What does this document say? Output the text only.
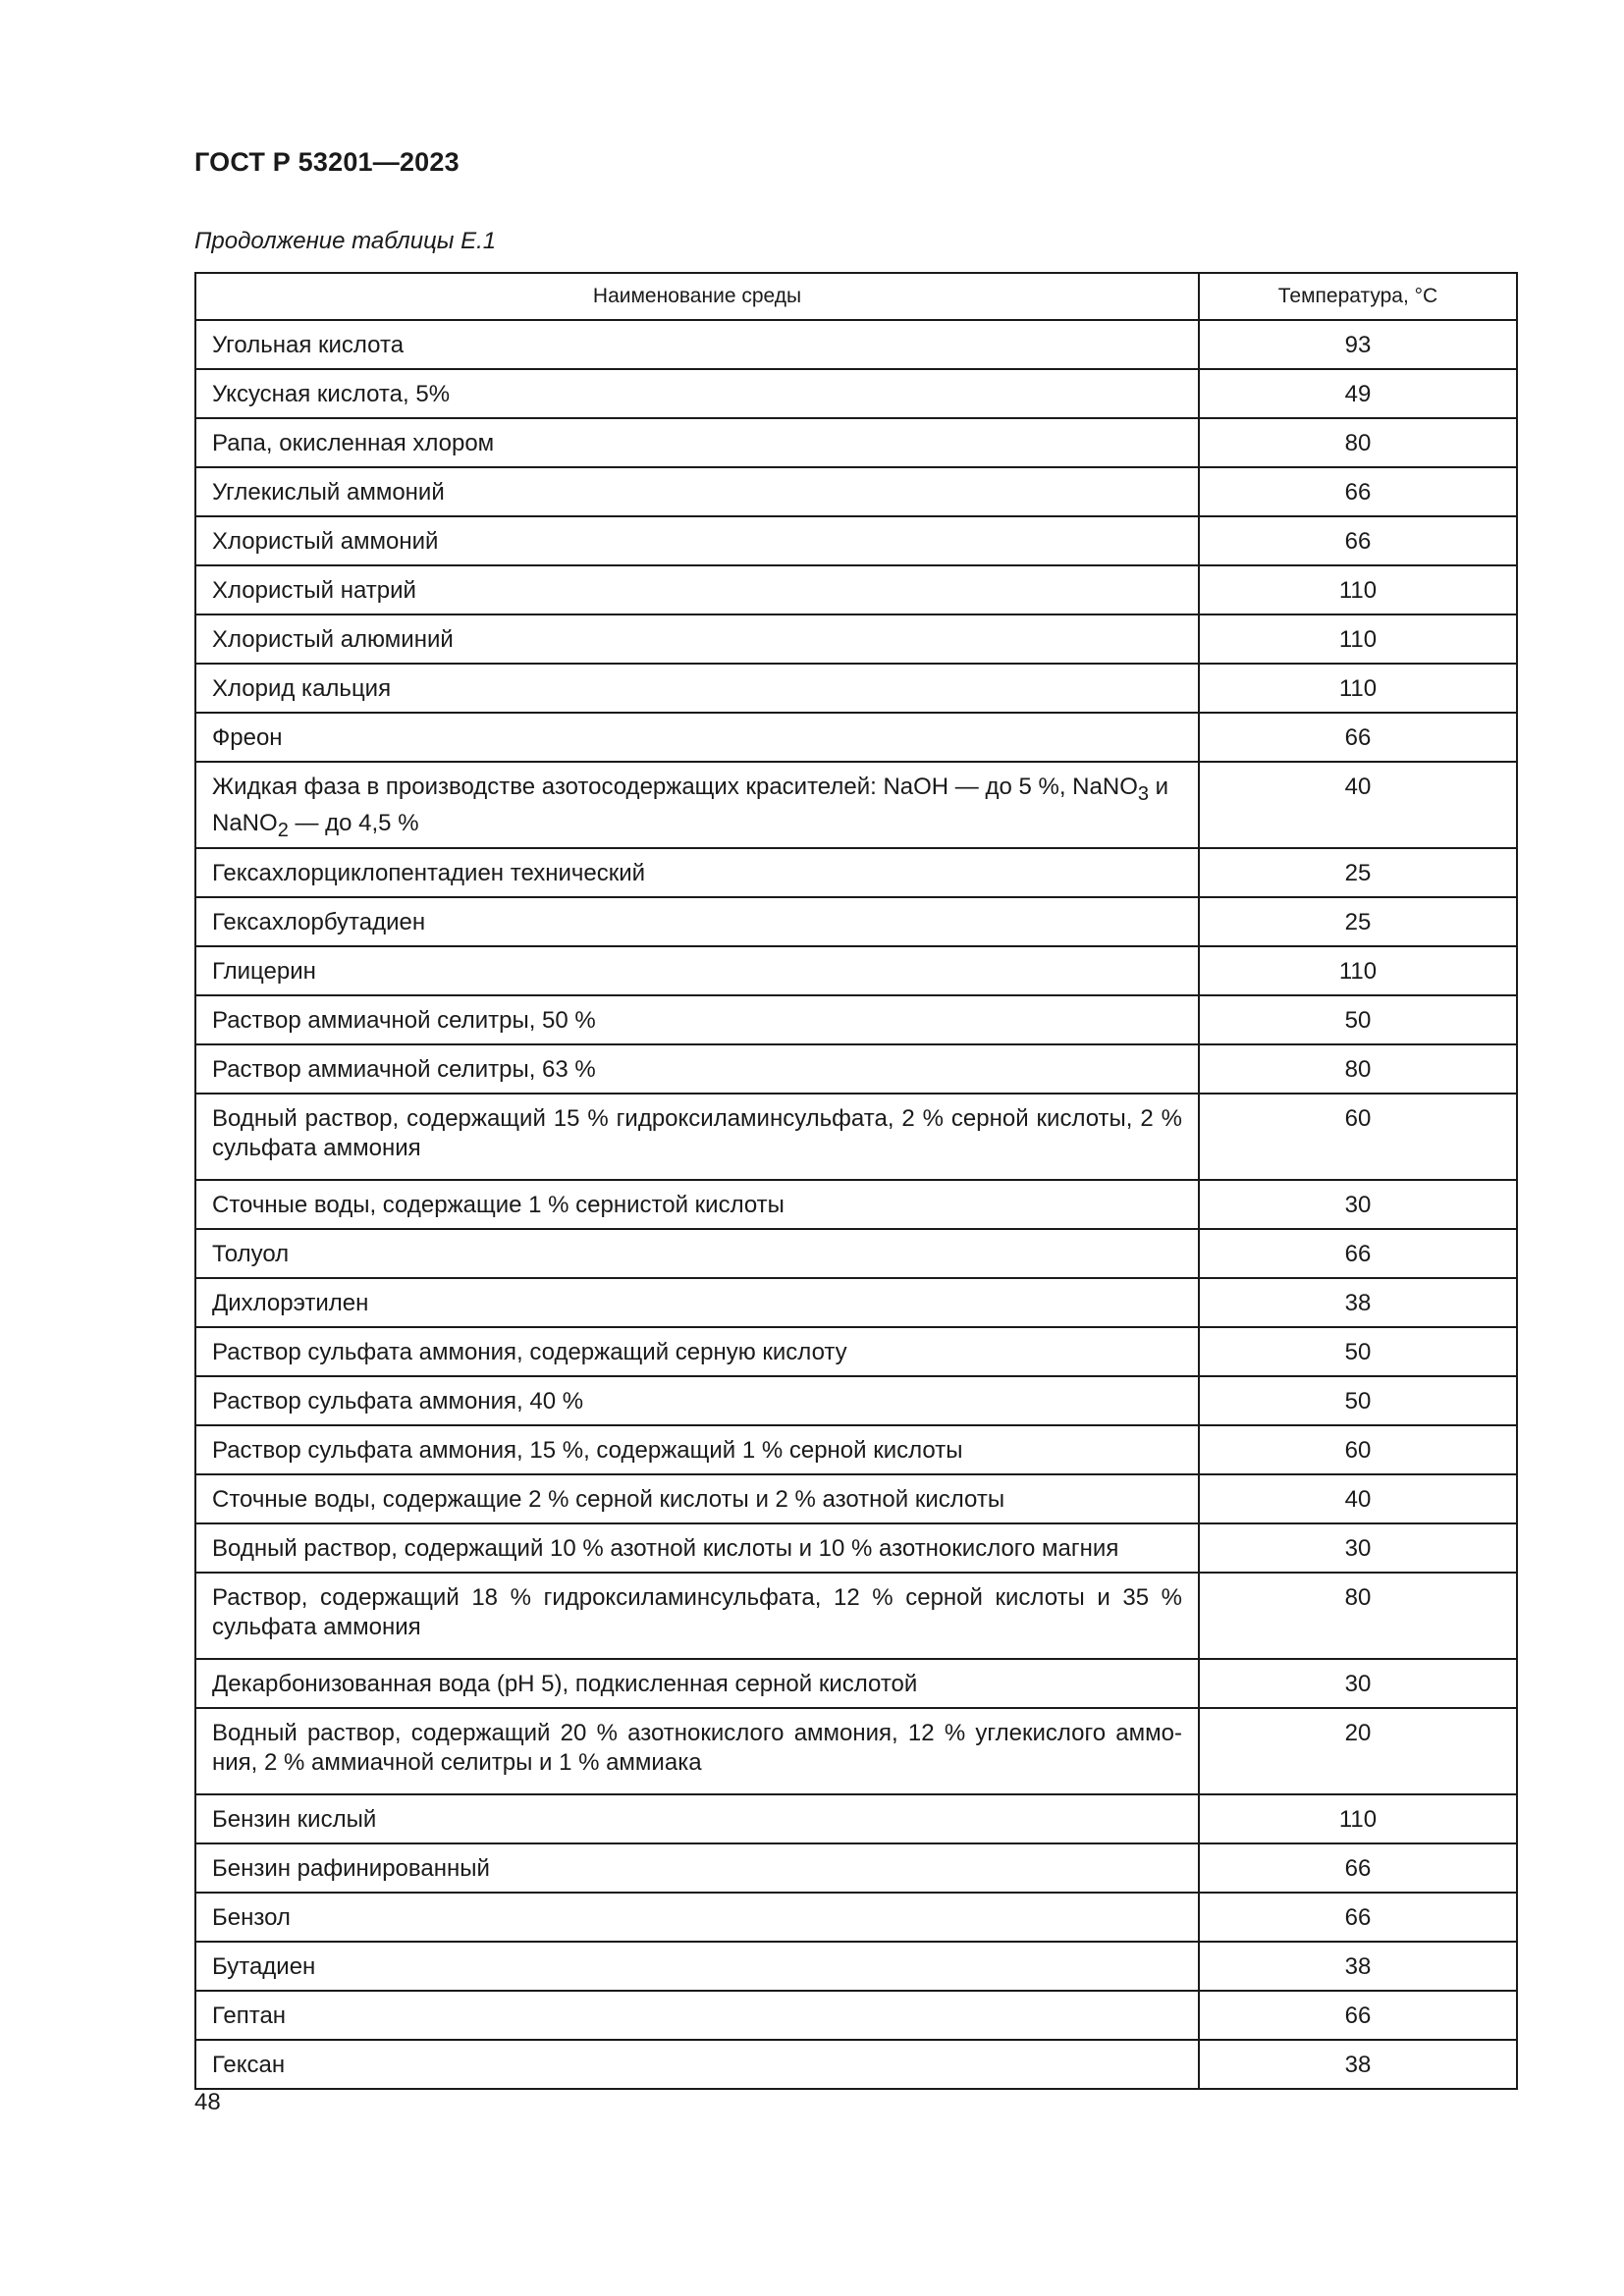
ГОСТ Р 53201—2023
Продолжение таблицы Е.1
Наименование среды	Температура, °C
Угольная кислота	93
Уксусная кислота, 5%	49
Рапа, окисленная хлором	80
Углекислый аммоний	66
Хлористый аммоний	66
Хлористый натрий	110
Хлористый алюминий	110
Хлорид кальция	110
Фреон	66
Жидкая фаза в производстве азотосодержащих красителей: NaOH — до 5 %, NaNO$_3$ и NaNO$_2$ — до 4,5 %	40
Гексахлорциклопентадиен технический	25
Гексахлорбутадиен	25
Глицерин	110
Раствор аммиачной селитры, 50 %	50
Раствор аммиачной селитры, 63 %	80
Водный раствор, содержащий 15 % гидроксиламинсульфата, 2 % серной кислоты, 2 % сульфата аммония	60
Сточные воды, содержащие 1 % сернистой кислоты	30
Толуол	66
Дихлорэтилен	38
Раствор сульфата аммония, содержащий серную кислоту	50
Раствор сульфата аммония, 40 %	50
Раствор сульфата аммония, 15 %, содержащий 1 % серной кислоты	60
Сточные воды, содержащие 2 % серной кислоты и 2 % азотной кислоты	40
Водный раствор, содержащий 10 % азотной кислоты и 10 % азотнокислого магния	30
Раствор, содержащий 18 % гидроксиламинсульфата, 12 % серной кислоты и 35 % сульфата аммония	80
Декарбонизованная вода (pH 5), подкисленная серной кислотой	30
Водный раствор, содержащий 20 % азотнокислого аммония, 12 % углекислого аммо-ния, 2 % аммиачной селитры и 1 % аммиака	20
Бензин кислый	110
Бензин рафинированный	66
Бензол	66
Бутадиен	38
Гептан	66
Гексан	38
48
